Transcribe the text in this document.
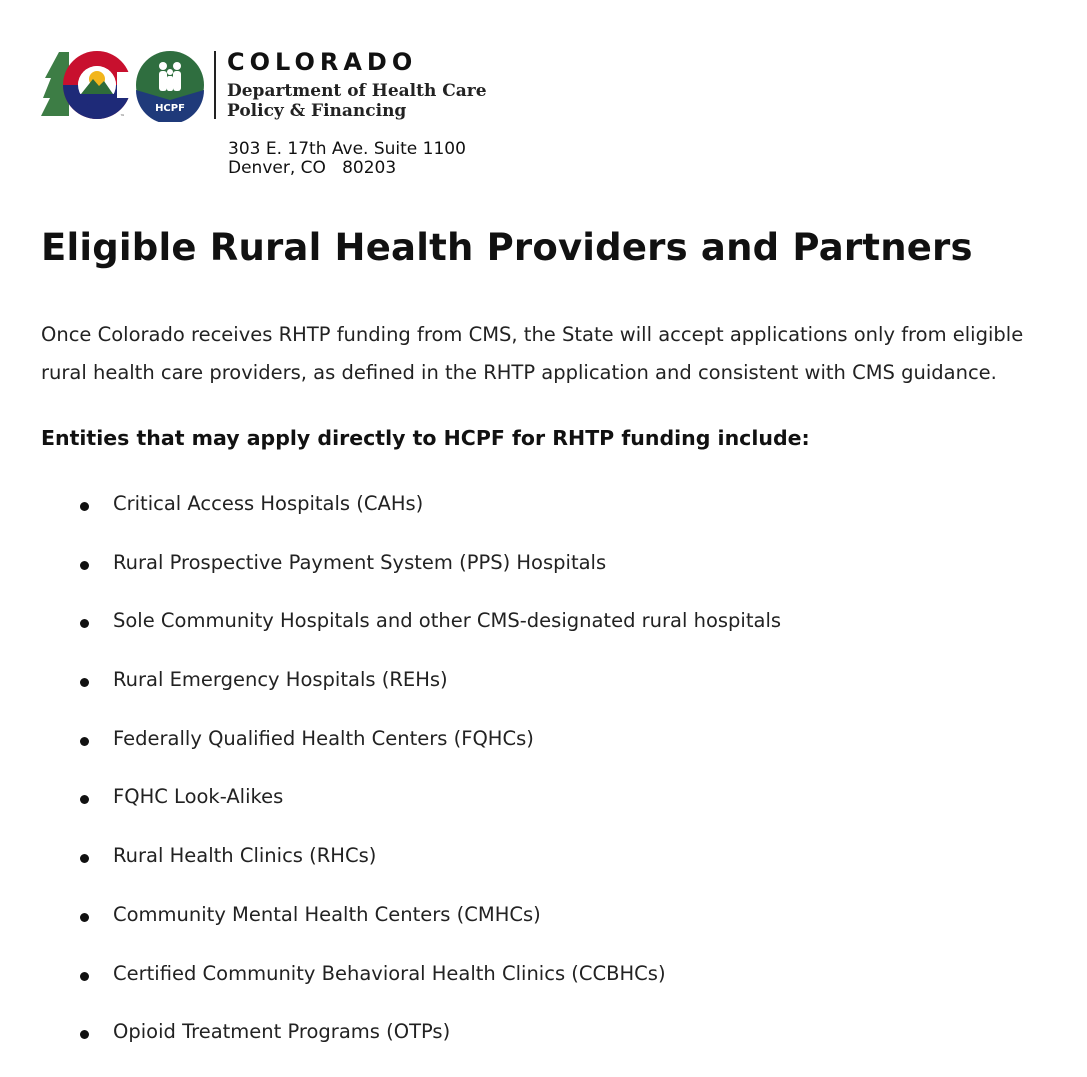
™
HCPF
COLORADO
Department of Health Care
Policy & Financing
303 E. 17th Ave. Suite 1100
Denver, CO   80203
Eligible Rural Health Providers and Partners

Once Colorado receives RHTP funding from CMS, the State will accept applications only from eligible rural health care providers, as defined in the RHTP application and consistent with CMS guidance.

Entities that may apply directly to HCPF for RHTP funding include:
Critical Access Hospitals (CAHs)
Rural Prospective Payment System (PPS) Hospitals
Sole Community Hospitals and other CMS-designated rural hospitals
Rural Emergency Hospitals (REHs)
Federally Qualified Health Centers (FQHCs)
FQHC Look-Alikes
Rural Health Clinics (RHCs)
Community Mental Health Centers (CMHCs)
Certified Community Behavioral Health Clinics (CCBHCs)
Opioid Treatment Programs (OTPs)
